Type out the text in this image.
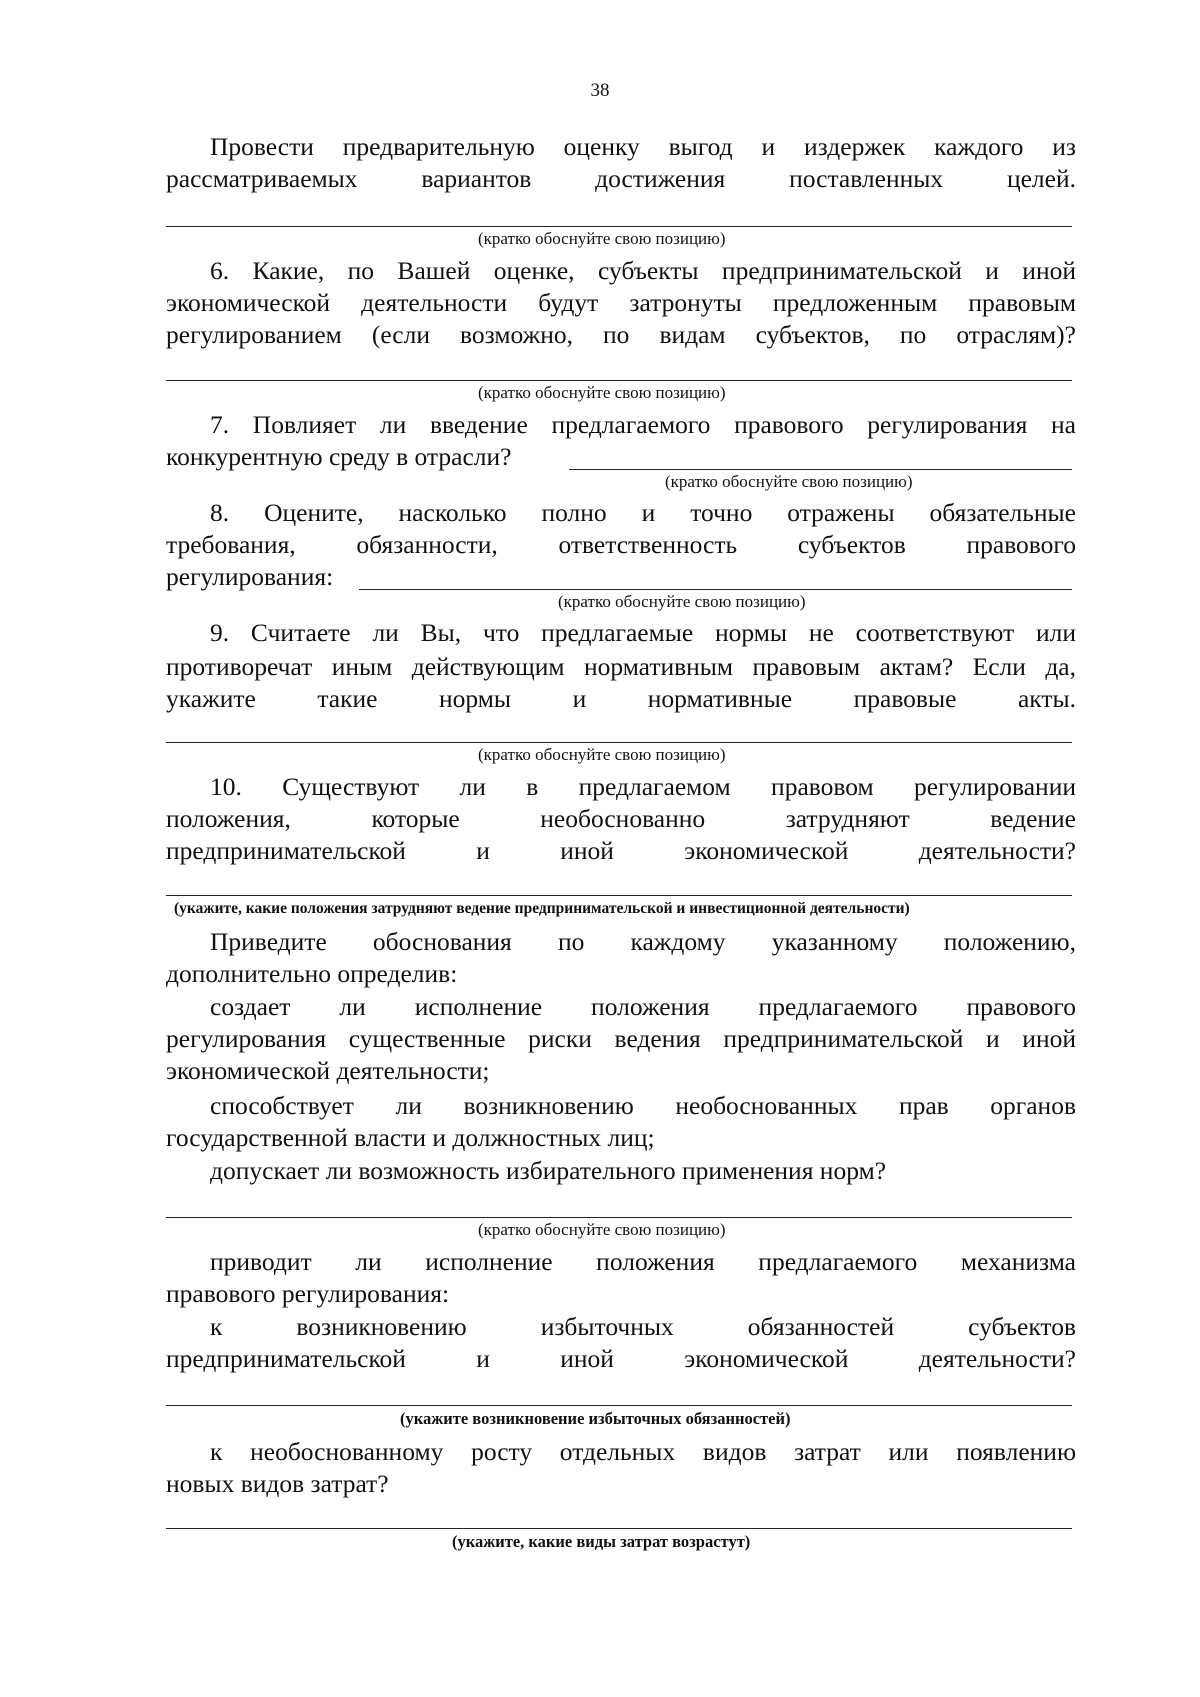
38
Провести предварительную оценку выгод и издержек каждого из
рассматриваемых вариантов достижения поставленных целей.
(кратко обоснуйте свою позицию)
6. Какие, по Вашей оценке, субъекты предпринимательской и иной
экономической деятельности будут затронуты предложенным правовым
регулированием (если возможно, по видам субъектов, по отраслям)?
(кратко обоснуйте свою позицию)
7. Повлияет ли введение предлагаемого правового регулирования на
конкурентную среду в отрасли?
(кратко обоснуйте свою позицию)
8. Оцените, насколько полно и точно отражены обязательные
требования, обязанности, ответственность субъектов правового
регулирования:
(кратко обоснуйте свою позицию)
9. Считаете ли Вы, что предлагаемые нормы не соответствуют или
противоречат иным действующим нормативным правовым актам? Если да,
укажите такие нормы и нормативные правовые акты.
(кратко обоснуйте свою позицию)
10. Существуют ли в предлагаемом правовом регулировании
положения, которые необоснованно затрудняют ведение
предпринимательской и иной экономической деятельности?
(укажите, какие положения затрудняют ведение предпринимательской и инвестиционной деятельности)
Приведите обоснования по каждому указанному положению,
дополнительно определив:
создает ли исполнение положения предлагаемого правового
регулирования существенные риски ведения предпринимательской и иной
экономической деятельности;
способствует ли возникновению необоснованных прав органов
государственной власти и должностных лиц;
допускает ли возможность избирательного применения норм?
(кратко обоснуйте свою позицию)
приводит ли исполнение положения предлагаемого механизма
правового регулирования:
к возникновению избыточных обязанностей субъектов
предпринимательской и иной экономической деятельности?
(укажите возникновение избыточных обязанностей)
к необоснованному росту отдельных видов затрат или появлению
новых видов затрат?
(укажите, какие виды затрат возрастут)
